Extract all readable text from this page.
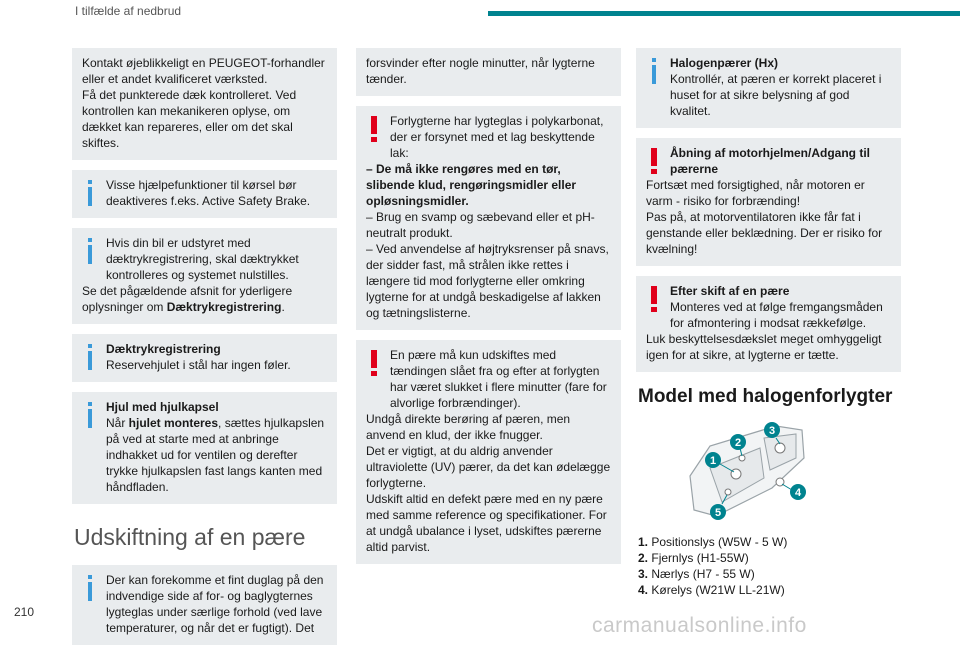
I tilfælde af nedbrud

Kontakt øjeblikkeligt en PEUGEOT-forhandler eller et andet kvalificeret værksted.

Få det punkterede dæk kontrolleret. Ved kontrollen kan mekanikeren oplyse, om dækket kan repareres, eller om det skal skiftes.

Visse hjælpefunktioner til kørsel bør deaktiveres f.eks. Active Safety Brake.

Hvis din bil er udstyret med dæktrykregistrering, skal dæktrykket kontrolleres og systemet nulstilles.

Se det pågældende afsnit for yderligere oplysninger om Dæktrykregistrering.

Dæktrykregistrering

Reservehjulet i stål har ingen føler.

Hjul med hjulkapsel

Når hjulet monteres, sættes hjulkapslen på ved at starte med at anbringe indhakket ud for ventilen og derefter trykke hjulkapslen fast langs kanten med håndfladen.

Udskiftning af en pære

Der kan forekomme et fint duglag på den indvendige side af for- og baglygternes lygteglas under særlige forhold (ved lave temperaturer, og når det er fugtigt). Det

forsvinder efter nogle minutter, når lygterne tænder.

Forlygterne har lygteglas i polykarbonat, der er forsynet med et lag beskyttende lak:

– De må ikke rengøres med en tør, slibende klud, rengøringsmidler eller opløsningsmidler.

– Brug en svamp og sæbevand eller et pH-neutralt produkt.

– Ved anvendelse af højtryksrenser på snavs, der sidder fast, må strålen ikke rettes i længere tid mod forlygterne eller omkring lygterne for at undgå beskadigelse af lakken og tætningslisterne.

En pære må kun udskiftes med tændingen slået fra og efter at forlygten har været slukket i flere minutter (fare for alvorlige forbrændinger).

Undgå direkte berøring af pæren, men anvend en klud, der ikke fnugger.

Det er vigtigt, at du aldrig anvender ultraviolette (UV) pærer, da det kan ødelægge forlygterne.

Udskift altid en defekt pære med en ny pære med samme reference og specifikationer. For at undgå ubalance i lyset, udskiftes pærerne altid parvist.

Halogenpærer (Hx)

Kontrollér, at pæren er korrekt placeret i huset for at sikre belysning af god kvalitet.

Åbning af motorhjelmen/Adgang til pærerne

Fortsæt med forsigtighed, når motoren er varm - risiko for forbrænding!

Pas på, at motorventilatoren ikke får fat i genstande eller beklædning. Der er risiko for kvælning!

Efter skift af en pære

Monteres ved at følge fremgangsmåden for afmontering i modsat rækkefølge.

Luk beskyttelsesdækslet meget omhyggeligt igen for at sikre, at lygterne er tætte.

Model med halogenforlygter
1
2
3
4
5
1. Positionslys (W5W - 5 W)
2. Fjernlys (H1-55W)
3. Nærlys (H7 - 55 W)
4. Kørelys (W21W LL-21W)
210
carmanualsonline.info
